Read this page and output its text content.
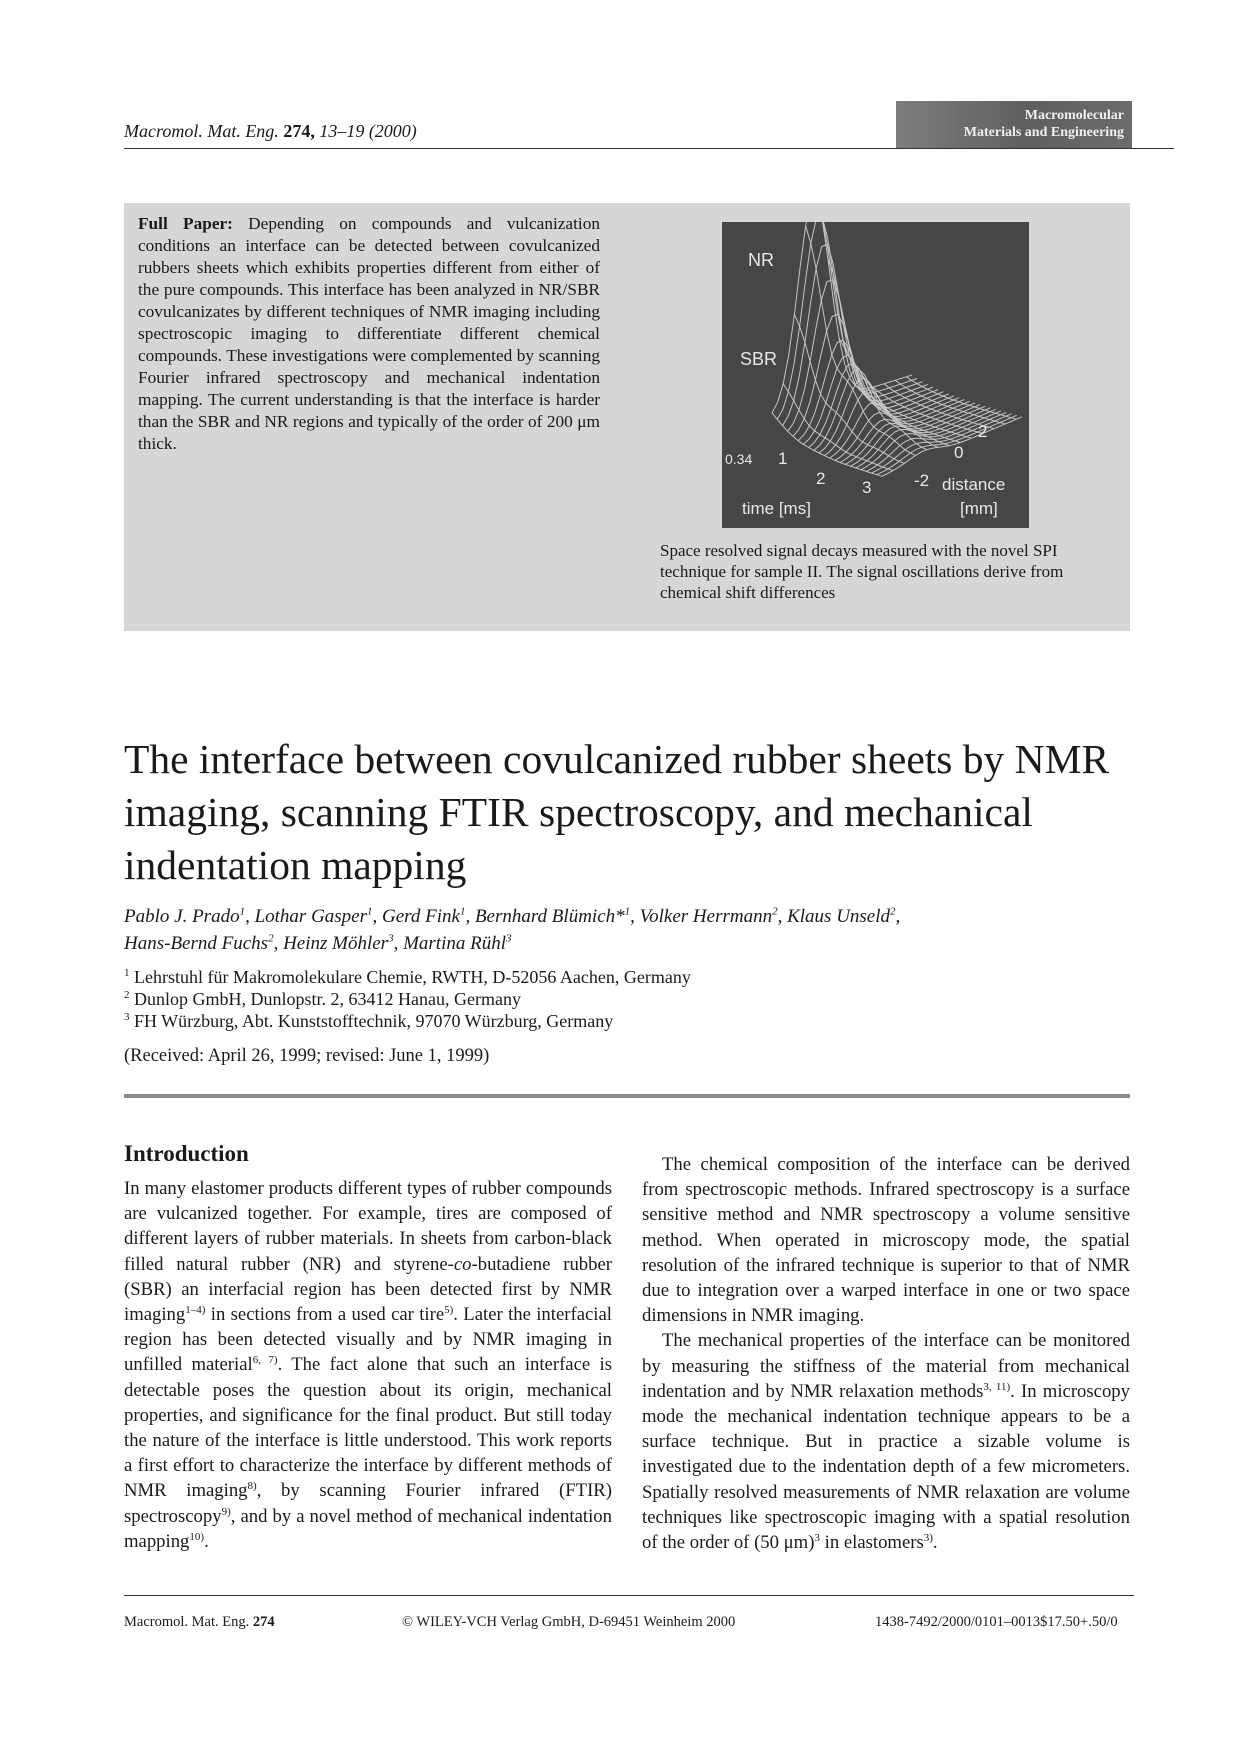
Macromol. Mat. Eng. 274, 13–19 (2000)
Macromolecular
Materials and Engineering
Full Paper: Depending on compounds and vulcanization conditions an interface can be detected between covulcanized rubbers sheets which exhibits properties different from either of the pure compounds. This interface has been analyzed in NR/SBR covulcanizates by different techniques of NMR imaging including spectroscopic imaging to differentiate different chemical compounds. These investigations were complemented by scanning Fourier infrared spectroscopy and mechanical indentation mapping. The current understanding is that the interface is harder than the SBR and NR regions and typically of the order of 200 μm thick.
NR
SBR
0.34 1
2 3	-2
0
2
time [ms]
distance
[mm]
Space resolved signal decays measured with the novel SPI technique for sample II. The signal oscillations derive from chemical shift differences
The interface between covulcanized rubber sheets by NMR imaging, scanning FTIR spectroscopy, and mechanical indentation mapping
Pablo J. Prado$^1$, Lothar Gasper$^1$, Gerd Fink$^1$, Bernhard Blümich*$^1$, Volker Herrmann$^2$, Klaus Unseld$^2$,
Hans-Bernd Fuchs$^2$, Heinz Möhler$^3$, Martina Rühl$^3$
$^1$ Lehrstuhl für Makromolekulare Chemie, RWTH, D-52056 Aachen, Germany
$^2$ Dunlop GmbH, Dunlopstr. 2, 63412 Hanau, Germany
$^3$ FH Würzburg, Abt. Kunststofftechnik, 97070 Würzburg, Germany
(Received: April 26, 1999; revised: June 1, 1999)
Introduction

In many elastomer products different types of rubber compounds are vulcanized together. For example, tires are composed of different layers of rubber materials. In sheets from carbon-black filled natural rubber (NR) and styrene-co-butadiene rubber (SBR) an interfacial region has been detected first by NMR imaging$^{1-4)}$ in sections from a used car tire$^{5)}$. Later the interfacial region has been detected visually and by NMR imaging in unfilled material$^{6, 7)}$. The fact alone that such an interface is detectable poses the question about its origin, mechanical properties, and significance for the final product. But still today the nature of the interface is little understood. This work reports a first effort to characterize the interface by different methods of NMR imaging$^{8)}$, by scanning Fourier infrared (FTIR) spectroscopy$^{9)}$, and by a novel method of mechanical indentation mapping$^{10)}$.

The chemical composition of the interface can be derived from spectroscopic methods. Infrared spectroscopy is a surface sensitive method and NMR spectroscopy a volume sensitive method. When operated in microscopy mode, the spatial resolution of the infrared technique is superior to that of NMR due to integration over a warped interface in one or two space dimensions in NMR imaging.

The mechanical properties of the interface can be monitored by measuring the stiffness of the material from mechanical indentation and by NMR relaxation methods$^{3, 11)}$. In microscopy mode the mechanical indentation technique appears to be a surface technique. But in practice a sizable volume is investigated due to the indentation depth of a few micrometers. Spatially resolved measurements of NMR relaxation are volume techniques like spectroscopic imaging with a spatial resolution of the order of (50 μm)$^3$ in elastomers$^{3)}$.

Macromol. Mat. Eng. 274	© WILEY-VCH Verlag GmbH, D-69451 Weinheim 2000	1438-7492/2000/0101–0013$17.50+.50/0
